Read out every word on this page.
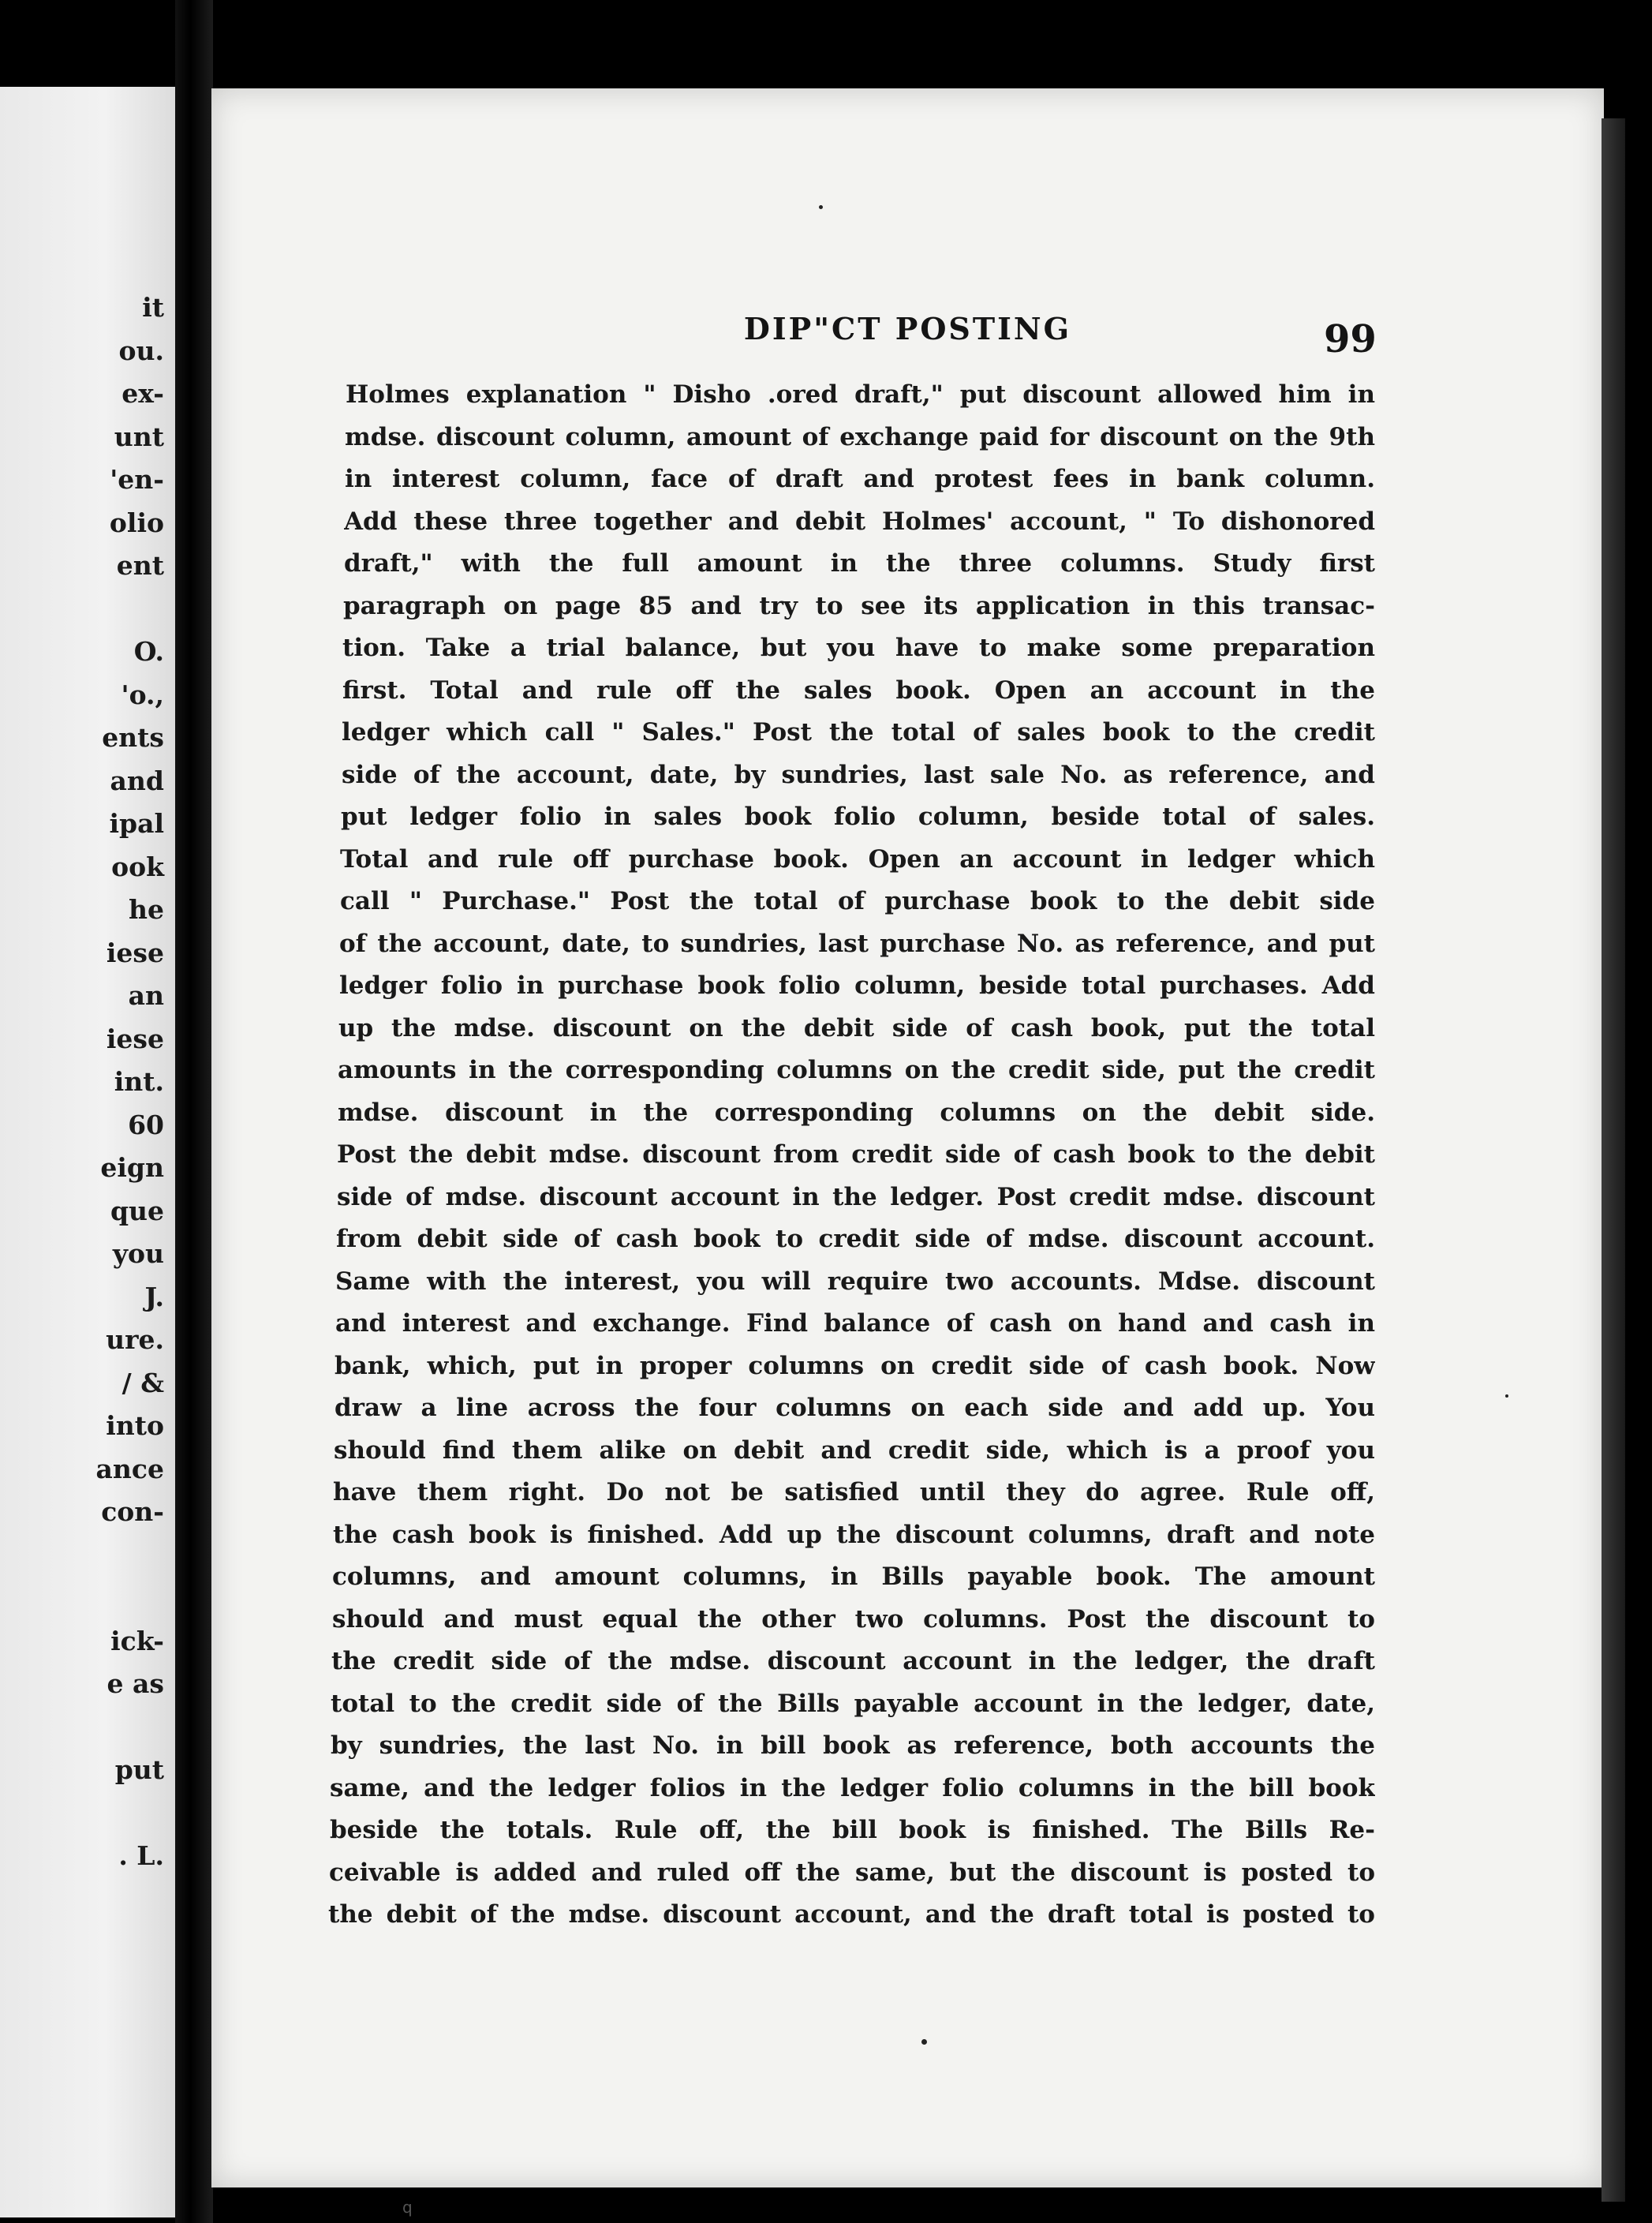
it
ou.
ex-
unt
'en-
olio
ent
O.
'o.,
ents
and
ipal
ook
he
iese
an
iese
int.
60
eign
que
you
J.
ure.
/ &
into
ance
con-
ick-
e as
put
. L.
DIP"CT POSTING	99
Holmes explanation " Disho .ored draft," put discount allowed him in
mdse. discount column, amount of exchange paid for discount on the 9th
in interest column, face of draft and protest fees in bank column.
Add these three together and debit Holmes' account, " To dishonored
draft," with the full amount in the three columns. Study first
paragraph on page 85 and try to see its application in this transac-
tion. Take a trial balance, but you have to make some preparation
first. Total and rule off the sales book. Open an account in the
ledger which call " Sales." Post the total of sales book to the credit
side of the account, date, by sundries, last sale No. as reference, and
put ledger folio in sales book folio column, beside total of sales.
Total and rule off purchase book. Open an account in ledger which
call " Purchase." Post the total of purchase book to the debit side
of the account, date, to sundries, last purchase No. as reference, and put
ledger folio in purchase book folio column, beside total purchases. Add
up the mdse. discount on the debit side of cash book, put the total
amounts in the corresponding columns on the credit side, put the credit
mdse. discount in the corresponding columns on the debit side.
Post the debit mdse. discount from credit side of cash book to the debit
side of mdse. discount account in the ledger. Post credit mdse. discount
from debit side of cash book to credit side of mdse. discount account.
Same with the interest, you will require two accounts. Mdse. discount
and interest and exchange. Find balance of cash on hand and cash in
bank, which, put in proper columns on credit side of cash book. Now
draw a line across the four columns on each side and add up. You
should find them alike on debit and credit side, which is a proof you
have them right. Do not be satisfied until they do agree. Rule off,
the cash book is finished. Add up the discount columns, draft and note
columns, and amount columns, in Bills payable book. The amount
should and must equal the other two columns. Post the discount to
the credit side of the mdse. discount account in the ledger, the draft
total to the credit side of the Bills payable account in the ledger, date,
by sundries, the last No. in bill book as reference, both accounts the
same, and the ledger folios in the ledger folio columns in the bill book
beside the totals. Rule off, the bill book is finished. The Bills Re-
ceivable is added and ruled off the same, but the discount is posted to
the debit of the mdse. discount account, and the draft total is posted to
q
